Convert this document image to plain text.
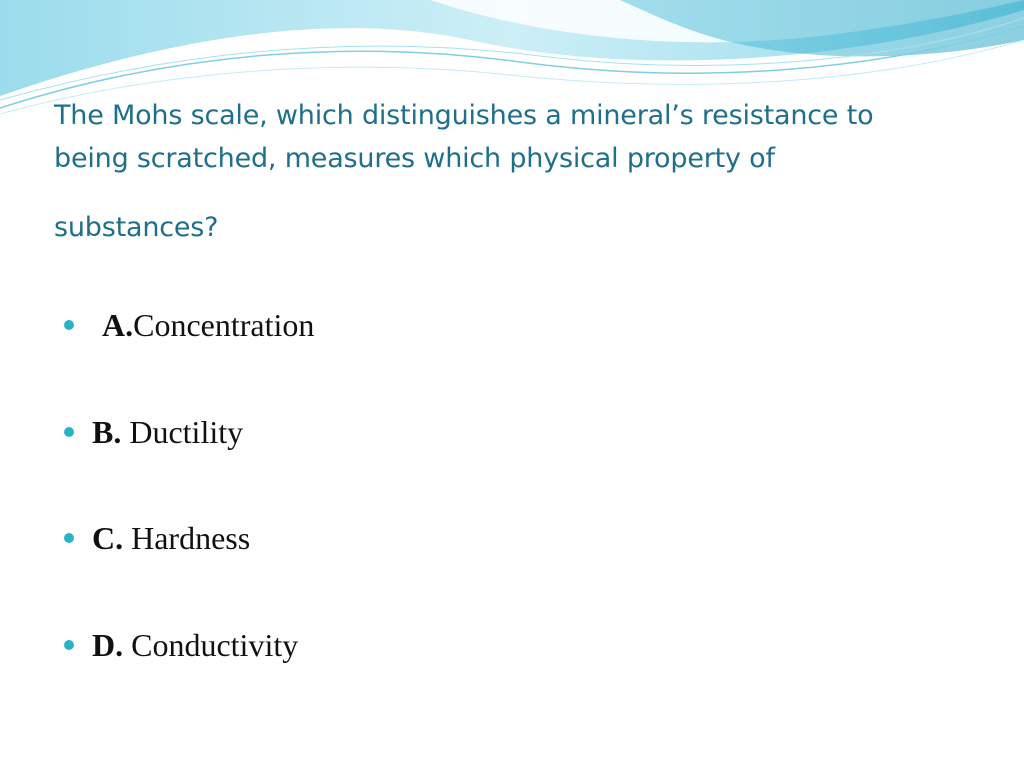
The Mohs scale, which distinguishes a mineral’s resistance to
being scratched, measures which physical property of
substances?
A.Concentration
B. Ductility
C. Hardness
D. Conductivity
